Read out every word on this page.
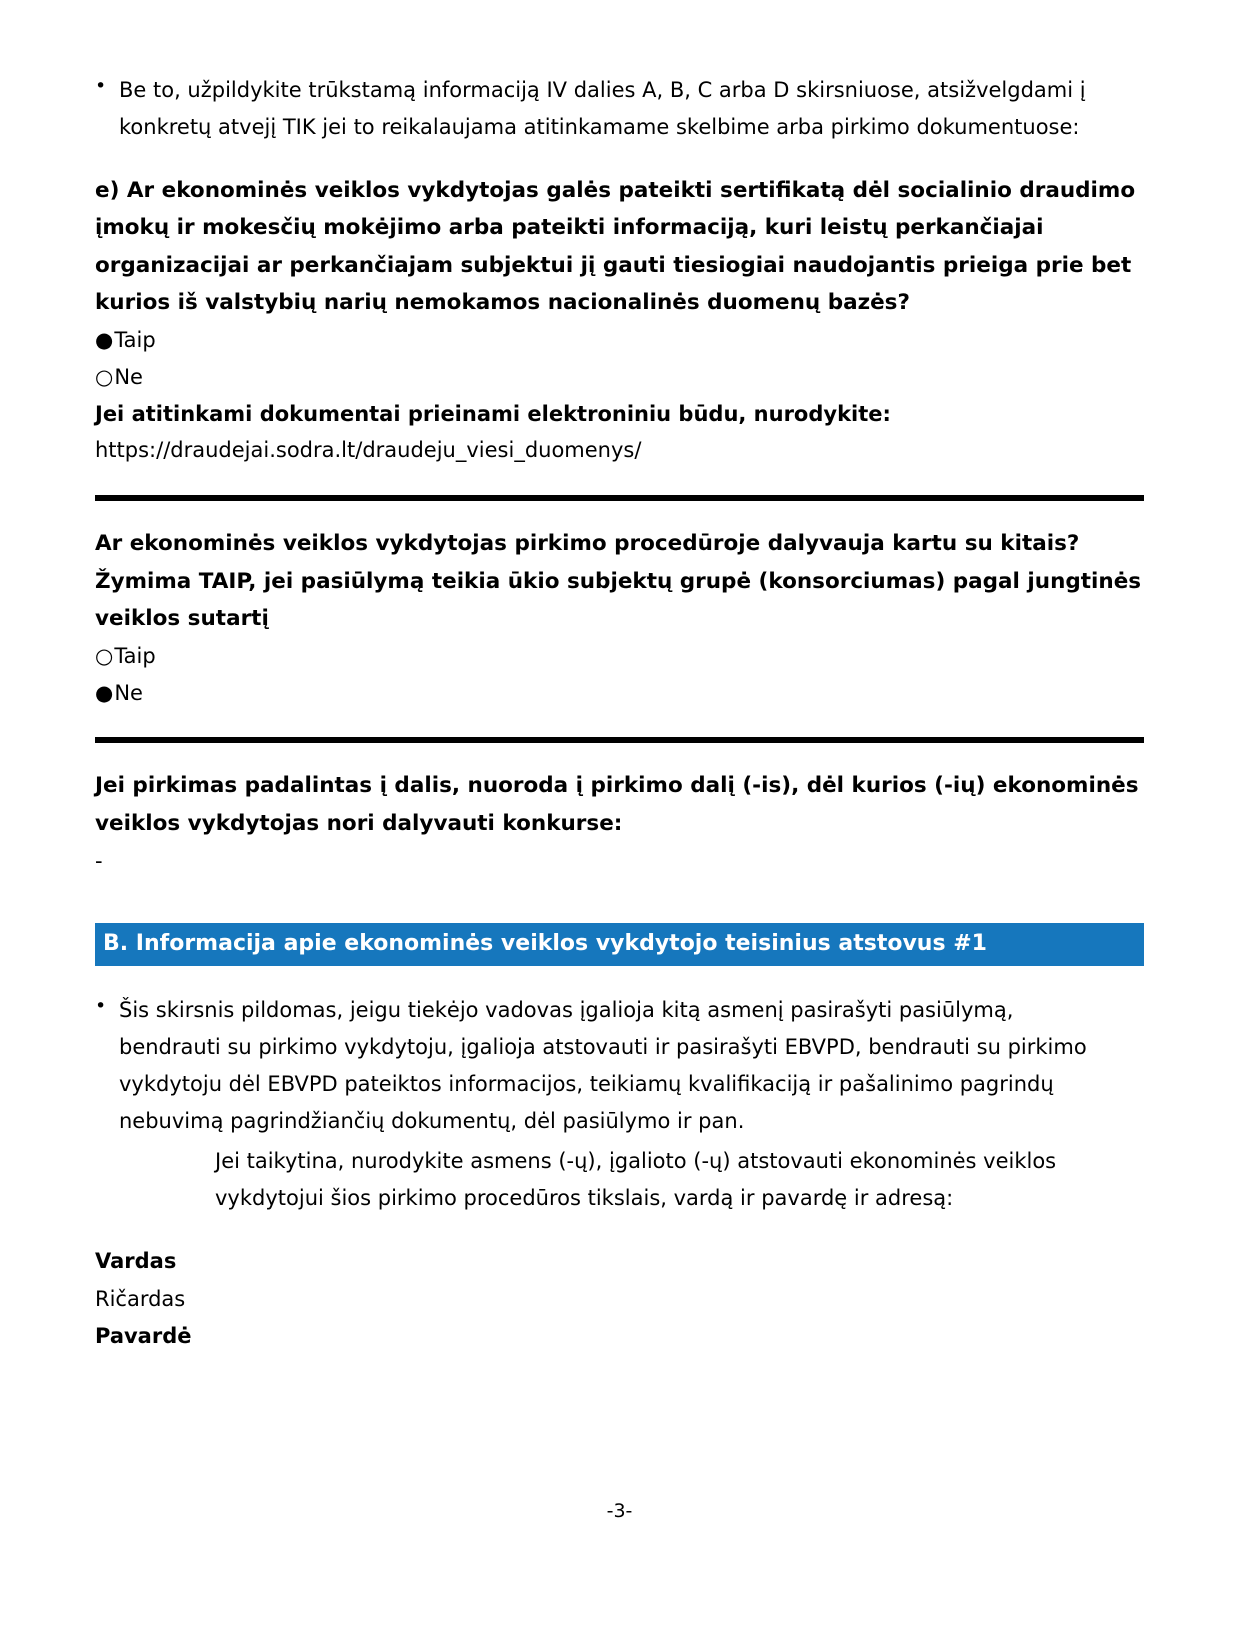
• Be to, užpildykite trūkstamą informaciją IV dalies A, B, C arba D skirsniuose, atsižvelgdami į konkretų atvejį TIK jei to reikalaujama atitinkamame skelbime arba pirkimo dokumentuose:

e) Ar ekonominės veiklos vykdytojas galės pateikti sertifikatą dėl socialinio draudimo įmokų ir mokesčių mokėjimo arba pateikti informaciją, kuri leistų perkančiajai organizacijai ar perkančiajam subjektui jį gauti tiesiogiai naudojantis prieiga prie bet kurios iš valstybių narių nemokamos nacionalinės duomenų bazės?

● Taip
○ Ne

Jei atitinkami dokumentai prieinami elektroniniu būdu, nurodykite:

https://draudejai.sodra.lt/draudeju_viesi_duomenys/

Ar ekonominės veiklos vykdytojas pirkimo procedūroje dalyvauja kartu su kitais? Žymima TAIP, jei pasiūlymą teikia ūkio subjektų grupė (konsorciumas) pagal jungtinės veiklos sutartį

○ Taip
● Ne

Jei pirkimas padalintas į dalis, nuoroda į pirkimo dalį (-is), dėl kurios (-ių) ekonominės veiklos vykdytojas nori dalyvauti konkurse:

-

B. Informacija apie ekonominės veiklos vykdytojo teisinius atstovus #1
• Šis skirsnis pildomas, jeigu tiekėjo vadovas įgalioja kitą asmenį pasirašyti pasiūlymą, bendrauti su pirkimo vykdytoju, įgalioja atstovauti ir pasirašyti EBVPD, bendrauti su pirkimo vykdytoju dėl EBVPD pateiktos informacijos, teikiamų kvalifikaciją ir pašalinimo pagrindų nebuvimą pagrindžiančių dokumentų, dėl pasiūlymo ir pan.

Jei taikytina, nurodykite asmens (-ų), įgalioto (-ų) atstovauti ekonominės veiklos vykdytojui šios pirkimo procedūros tikslais, vardą ir pavardę ir adresą:

Vardas

Ričardas

Pavardė

-3-
